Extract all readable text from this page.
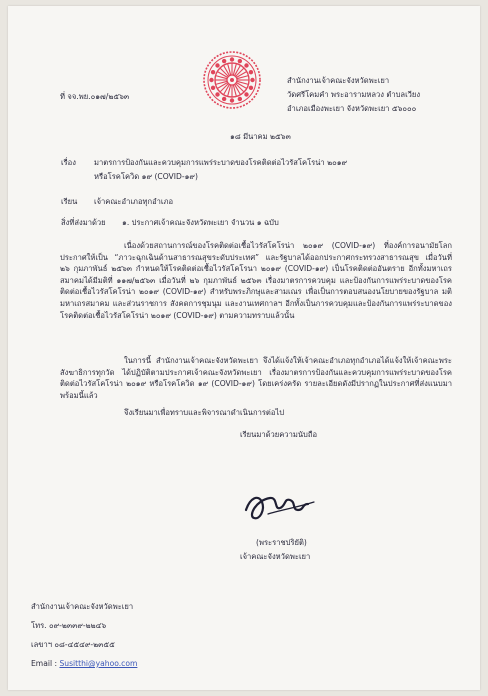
ที่ จจ.พย.๐๑๗/๒๕๖๓
สำนักงานเจ้าคณะจังหวัดพะเยา
วัดศรีโคมคำ พระอารามหลวง ตำบลเวียง
อำเภอเมืองพะเยา จังหวัดพะเยา ๕๖๐๐๐
๑๘ มีนาคม ๒๕๖๓
เรื่อง มาตรการป้องกันและควบคุมการแพร่ระบาดของโรคติดต่อไวรัสโคโรน่า ๒๐๑๙
หรือโรคโควิด ๑๙ (COVID-๑๙)
เรียน เจ้าคณะอำเภอทุกอำเภอ
สิ่งที่ส่งมาด้วย ๑. ประกาศเจ้าคณะจังหวัดพะเยา จำนวน ๑ ฉบับ
เนื่องด้วยสถานการณ์ของโรคติดต่อเชื้อไวรัสโคโรน่า ๒๐๑๙ (COVID-๑๙) ที่องค์การอนามัยโลก ประกาศให้เป็น “ภาวะฉุกเฉินด้านสาธารณสุขระดับประเทศ” และรัฐบาลได้ออกประกาศกระทรวงสาธารณสุข เมื่อวันที่ ๒๖ กุมภาพันธ์ ๒๕๖๓ กำหนดให้โรคติดต่อเชื้อไวรัสโคโรนา ๒๐๑๙ (COVID-๑๙) เป็นโรคติดต่ออันตราย อีกทั้งมหาเถรสมาคมได้มีมติที่ ๑๑๗/๒๕๖๓ เมื่อวันที่ ๒๖ กุมภาพันธ์ ๒๕๖๓ เรื่องมาตรการควบคุม และป้องกันการแพร่ระบาดของโรคติดต่อเชื้อไวรัสโคโรน่า ๒๐๑๙ (COVID-๑๙) สำหรับพระภิกษุและสามเณร เพื่อเป็นการตอบสนองนโยบายของรัฐบาล มติมหาเถรสมาคม และส่วนราชการ สังคดการชุมนุม และงานเทศกาลฯ อีกทั้งเป็นการควบคุมและป้องกันการแพร่ระบาดของโรคติดต่อเชื้อไวรัสโคโรน่า ๒๐๑๙ (COVID-๑๙) ตามความทราบแล้วนั้น
ในการนี้ สำนักงานเจ้าคณะจังหวัดพะเยา จึงได้แจ้งให้เจ้าคณะอำเภอทุกอำเภอได้แจ้งให้เจ้าคณะพระสังฆาธิการทุกวัด ได้ปฏิบัติตามประกาศเจ้าคณะจังหวัดพะเยา เรื่องมาตรการป้องกันและควบคุมการแพร่ระบาดของโรคติดต่อไวรัสโคโรน่า ๒๐๑๙ หรือโรคโควิด ๑๙ (COVID-๑๙) โดยเคร่งครัด รายละเอียดดังมีปรากฏในประกาศที่ส่งแนบมาพร้อมนี้แล้ว
จึงเรียนมาเพื่อทราบและพิจารณาดำเนินการต่อไป
เรียนมาด้วยความนับถือ
(พระราชปริยัติ)
เจ้าคณะจังหวัดพะเยา
สำนักงานเจ้าคณะจังหวัดพะเยา
โทร. ๐๙-๒๓๓๙-๒๒๔๖
เลขาฯ ๐๘-๔๕๔๙-๒๓๕๕
Email : Susitthi@yahoo.com
